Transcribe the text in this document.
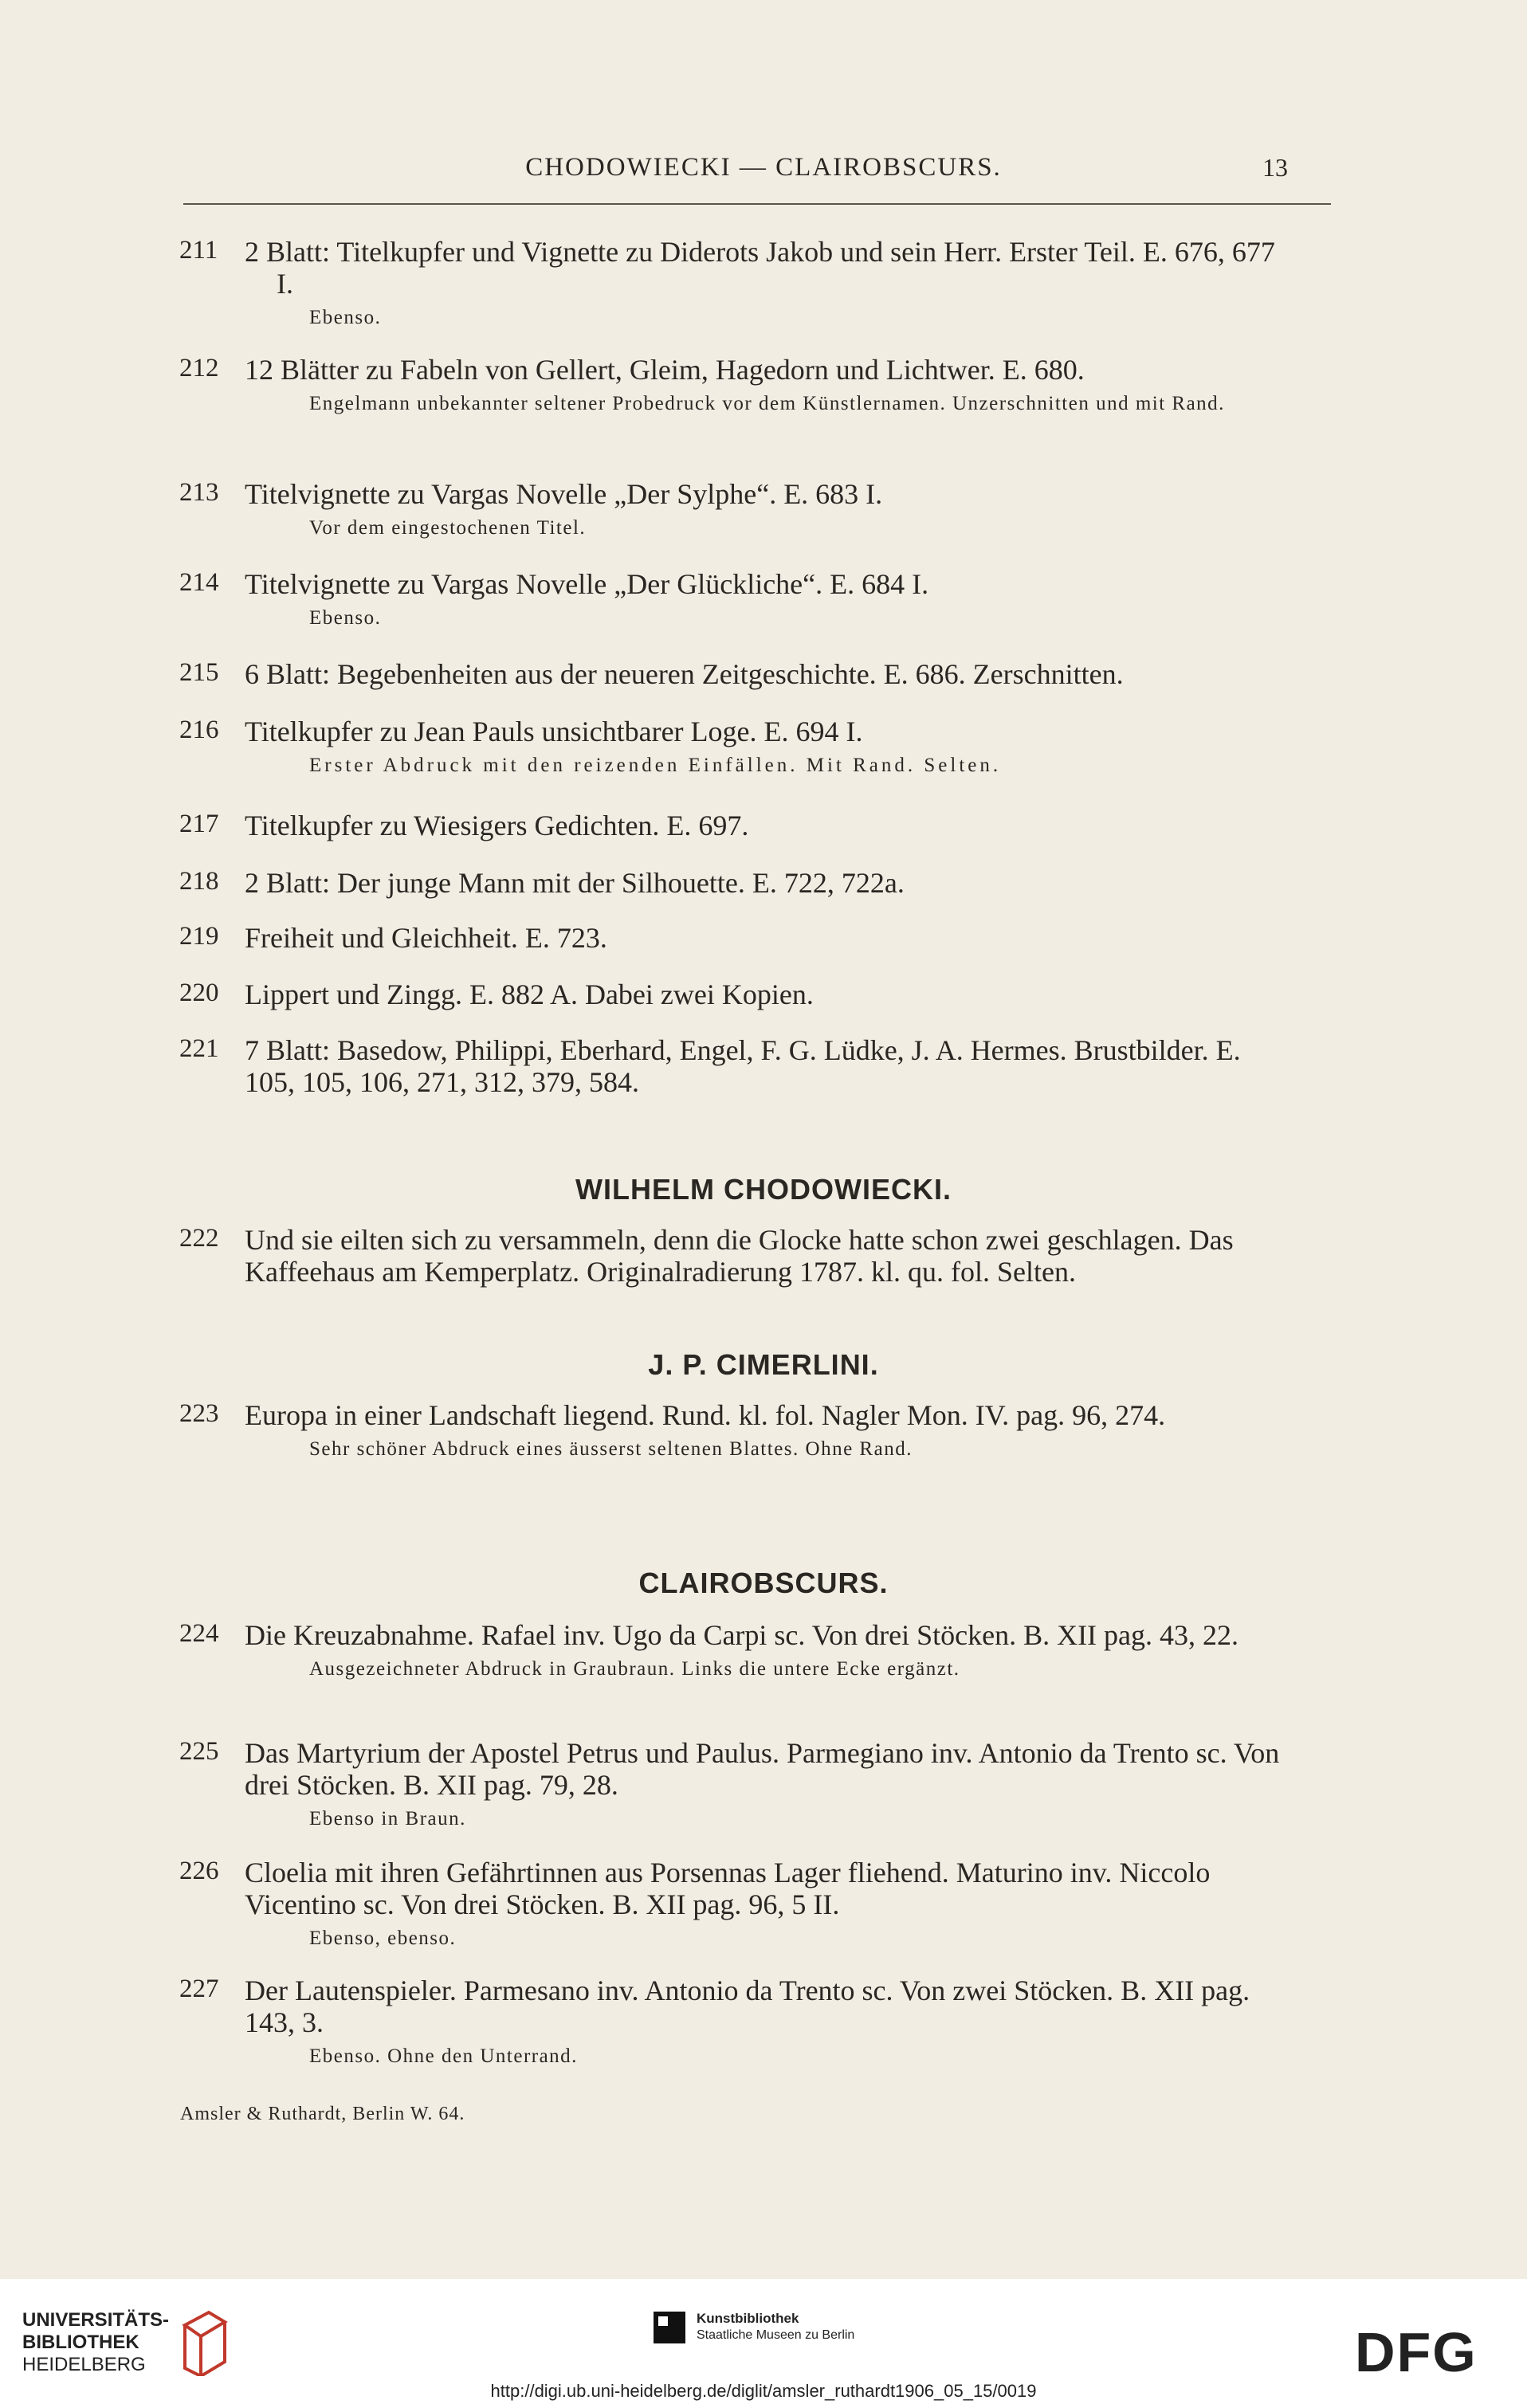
CHODOWIECKI — CLAIROBSCURS.	13
211 2 Blatt: Titelkupfer und Vignette zu Diderots Jakob und sein Herr. Erster Teil. E. 676, 677 I.
Ebenso.
212 12 Blätter zu Fabeln von Gellert, Gleim, Hagedorn und Lichtwer. E. 680.
Engelmann unbekannter seltener Probedruck vor dem Künstlernamen. Unzerschnitten und mit Rand.
213 Titelvignette zu Vargas Novelle „Der Sylphe“. E. 683 I.
Vor dem eingestochenen Titel.
214 Titelvignette zu Vargas Novelle „Der Glückliche“. E. 684 I.
Ebenso.
215 6 Blatt: Begebenheiten aus der neueren Zeitgeschichte. E. 686. Zerschnitten.
216 Titelkupfer zu Jean Pauls unsichtbarer Loge. E. 694 I.
Erster Abdruck mit den reizenden Einfällen. Mit Rand. Selten.
217 Titelkupfer zu Wiesigers Gedichten. E. 697.
218 2 Blatt: Der junge Mann mit der Silhouette. E. 722, 722a.
219 Freiheit und Gleichheit. E. 723.
220 Lippert und Zingg. E. 882 A. Dabei zwei Kopien.
221 7 Blatt: Basedow, Philippi, Eberhard, Engel, F. G. Lüdke, J. A. Hermes. Brustbilder. E. 105, 105, 106, 271, 312, 379, 584.
WILHELM CHODOWIECKI.
222 Und sie eilten sich zu versammeln, denn die Glocke hatte schon zwei geschlagen. Das Kaffeehaus am Kemperplatz. Originalradierung 1787. kl. qu. fol. Selten.
J. P. CIMERLINI.
223 Europa in einer Landschaft liegend. Rund. kl. fol. Nagler Mon. IV. pag. 96, 274.
Sehr schöner Abdruck eines äusserst seltenen Blattes. Ohne Rand.
CLAIROBSCURS.
224 Die Kreuzabnahme. Rafael inv. Ugo da Carpi sc. Von drei Stöcken. B. XII pag. 43, 22.
Ausgezeichneter Abdruck in Graubraun. Links die untere Ecke ergänzt.
225 Das Martyrium der Apostel Petrus und Paulus. Parmegiano inv. Antonio da Trento sc. Von drei Stöcken. B. XII pag. 79, 28.
Ebenso in Braun.
226 Cloelia mit ihren Gefährtinnen aus Porsennas Lager fliehend. Maturino inv. Niccolo Vicentino sc. Von drei Stöcken. B. XII pag. 96, 5 II.
Ebenso, ebenso.
227 Der Lautenspieler. Parmesano inv. Antonio da Trento sc. Von zwei Stöcken. B. XII pag. 143, 3.
Ebenso. Ohne den Unterrand.
Amsler & Ruthardt, Berlin W. 64.
UNIVERSITÄTS-
BIBLIOTHEK
HEIDELBERG
Kunstbibliothek
Staatliche Museen zu Berlin	DFG
http://digi.ub.uni-heidelberg.de/diglit/amsler_ruthardt1906_05_15/0019
